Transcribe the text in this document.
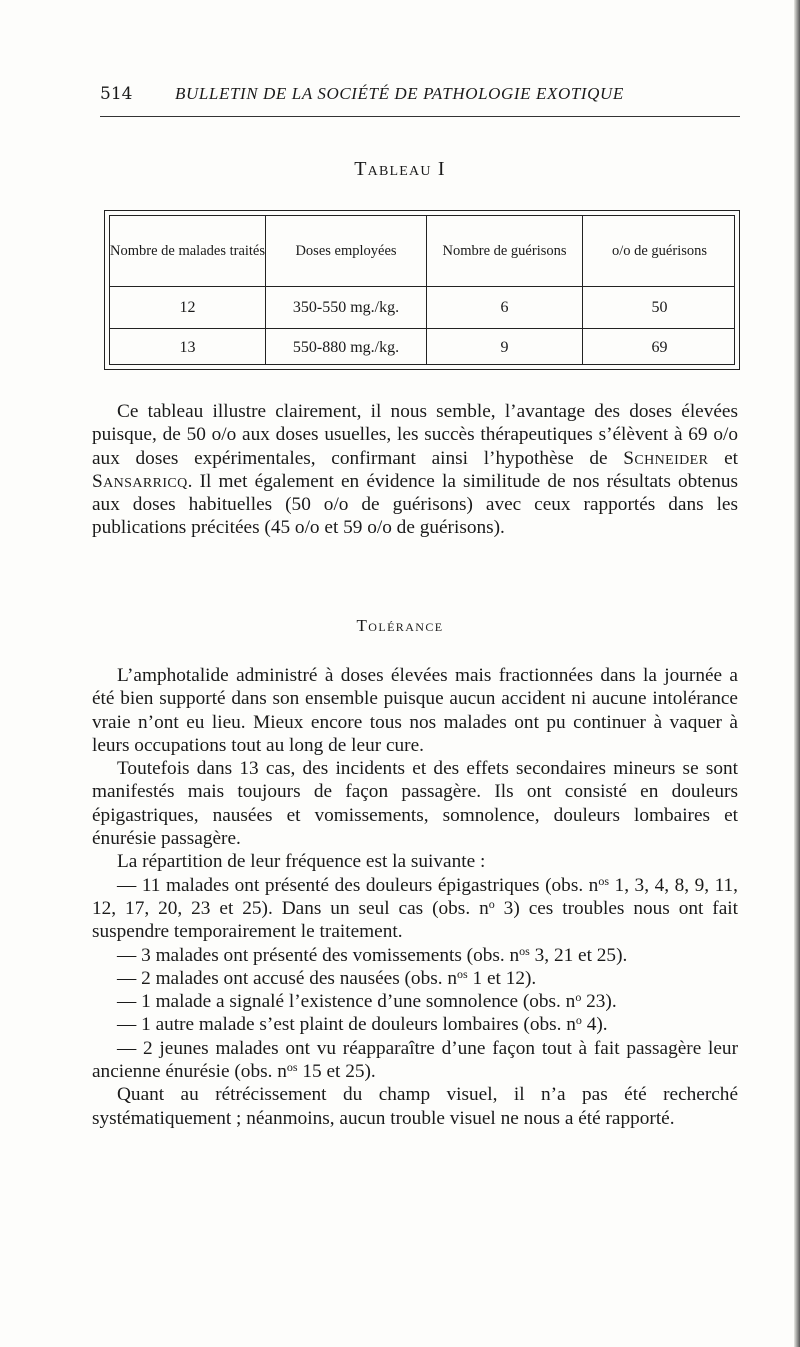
514	BULLETIN DE LA SOCIÉTÉ DE PATHOLOGIE EXOTIQUE
Tableau I
Nombre de malades traités	Doses employées	Nombre de guérisons	o/o de guérisons
12	350-550 mg./kg.	6	50
13	550-880 mg./kg.	9	69

Ce tableau illustre clairement, il nous semble, l’avantage des doses élevées puisque, de 50 o/o aux doses usuelles, les succès thérapeutiques s’élèvent à 69 o/o aux doses expérimentales, confirmant ainsi l’hypothèse de Schneider et Sansarricq. Il met également en évidence la similitude de nos résultats obtenus aux doses habituelles (50 o/o de guérisons) avec ceux rapportés dans les publications précitées (45 o/o et 59 o/o de guérisons).

Tolérance

L’amphotalide administré à doses élevées mais fractionnées dans la journée a été bien supporté dans son ensemble puisque aucun accident ni aucune intolérance vraie n’ont eu lieu. Mieux encore tous nos malades ont pu continuer à vaquer à leurs occupations tout au long de leur cure.

Toutefois dans 13 cas, des incidents et des effets secondaires mineurs se sont manifestés mais toujours de façon passagère. Ils ont consisté en douleurs épigastriques, nausées et vomissements, somnolence, douleurs lombaires et énurésie passagère.

La répartition de leur fréquence est la suivante :

— 11 malades ont présenté des douleurs épigastriques (obs. $n^{os}$ 1, 3, 4, 8, 9, 11, 12, 17, 20, 23 et 25). Dans un seul cas (obs. $n^o$ 3) ces troubles nous ont fait suspendre temporairement le traitement.

— 3 malades ont présenté des vomissements (obs. $n^{os}$ 3, 21 et 25).

— 2 malades ont accusé des nausées (obs. $n^{os}$ 1 et 12).

— 1 malade a signalé l’existence d’une somnolence (obs. $n^o$ 23).

— 1 autre malade s’est plaint de douleurs lombaires (obs. $n^o$ 4).

— 2 jeunes malades ont vu réapparaître d’une façon tout à fait passagère leur ancienne énurésie (obs. $n^{os}$ 15 et 25).

Quant au rétrécissement du champ visuel, il n’a pas été recherché systématiquement ; néanmoins, aucun trouble visuel ne nous a été rapporté.
